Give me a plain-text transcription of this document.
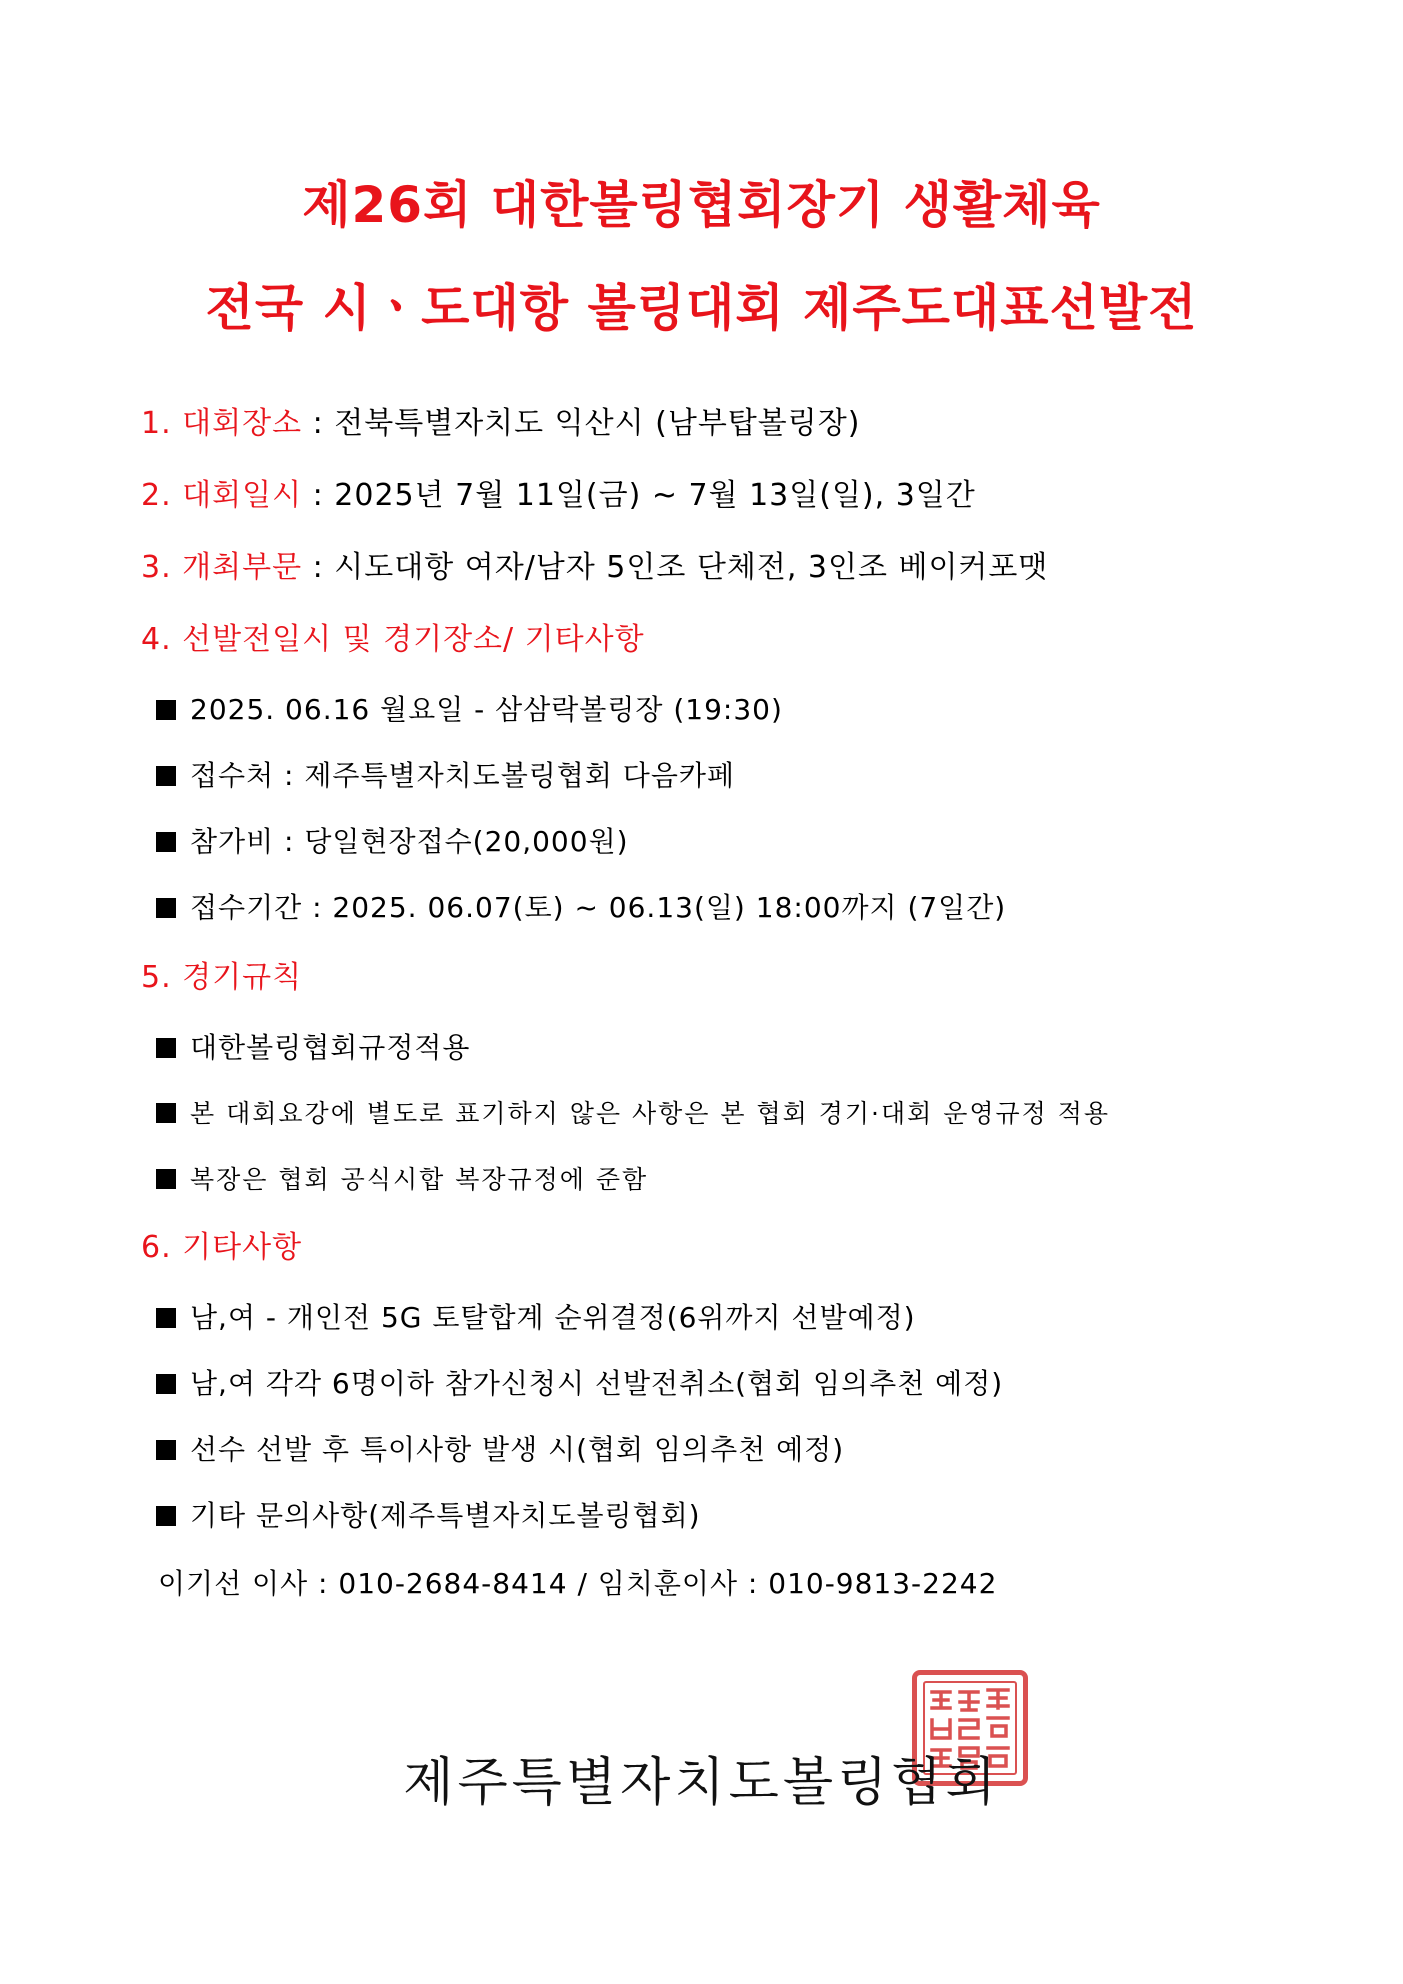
제26회 대한볼링협회장기 생활체육
전국 시ㆍ도대항 볼링대회 제주도대표선발전
1. 대회장소 : 전북특별자치도 익산시 (남부탑볼링장)
2. 대회일시 : 2025년 7월 11일(금) ~ 7월 13일(일), 3일간
3. 개최부문 : 시도대항 여자/남자 5인조 단체전, 3인조 베이커포맷
4. 선발전일시 및 경기장소/ 기타사항
2025. 06.16 월요일 - 삼삼락볼링장 (19:30)
접수처 : 제주특별자치도볼링협회 다음카페
참가비 : 당일현장접수(20,000원)
접수기간 : 2025. 06.07(토) ~ 06.13(일) 18:00까지 (7일간)
5. 경기규칙
대한볼링협회규정적용
본 대회요강에 별도로 표기하지 않은 사항은 본 협회 경기·대회 운영규정 적용
복장은 협회 공식시합 복장규정에 준함
6. 기타사항
남,여 - 개인전 5G 토탈합계 순위결정(6위까지 선발예정)
남,여 각각 6명이하 참가신청시 선발전취소(협회 임의추천 예정)
선수 선발 후 특이사항 발생 시(협회 임의추천 예정)
기타 문의사항(제주특별자치도볼링협회)
이기선 이사 : 010-2684-8414 / 임치훈이사 : 010-9813-2242
제주특별자치도볼링협회
